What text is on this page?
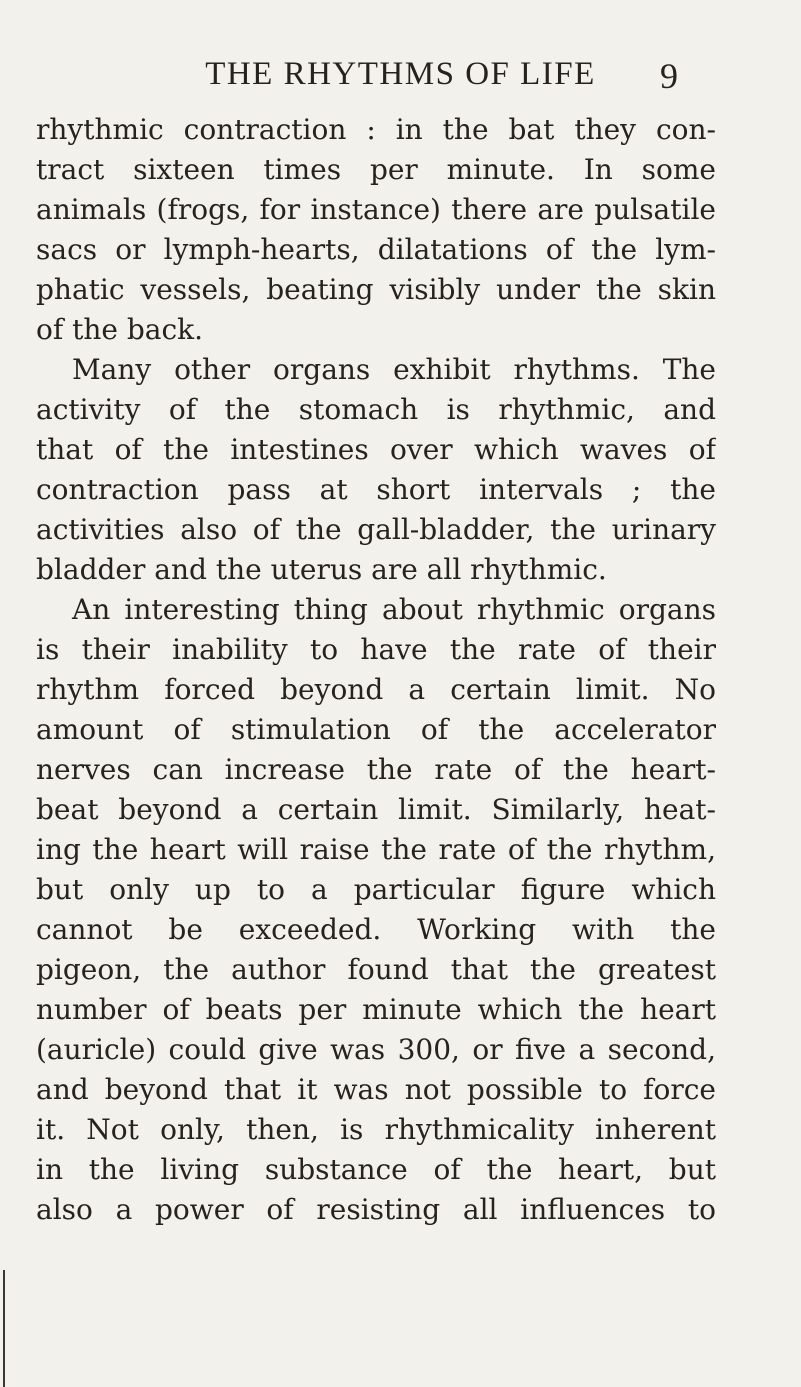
THE RHYTHMS OF LIFE	9
rhythmic contraction : in the bat they con-
tract sixteen times per minute. In some
animals (frogs, for instance) there are pulsatile
sacs or lymph-hearts, dilatations of the lym-
phatic vessels, beating visibly under the skin
of the back.
Many other organs exhibit rhythms. The
activity of the stomach is rhythmic, and
that of the intestines over which waves of
contraction pass at short intervals ; the
activities also of the gall-bladder, the urinary
bladder and the uterus are all rhythmic.
An interesting thing about rhythmic organs
is their inability to have the rate of their
rhythm forced beyond a certain limit. No
amount of stimulation of the accelerator
nerves can increase the rate of the heart-
beat beyond a certain limit. Similarly, heat-
ing the heart will raise the rate of the rhythm,
but only up to a particular figure which
cannot be exceeded. Working with the
pigeon, the author found that the greatest
number of beats per minute which the heart
(auricle) could give was 300, or five a second,
and beyond that it was not possible to force
it. Not only, then, is rhythmicality inherent
in the living substance of the heart, but
also a power of resisting all influences to
